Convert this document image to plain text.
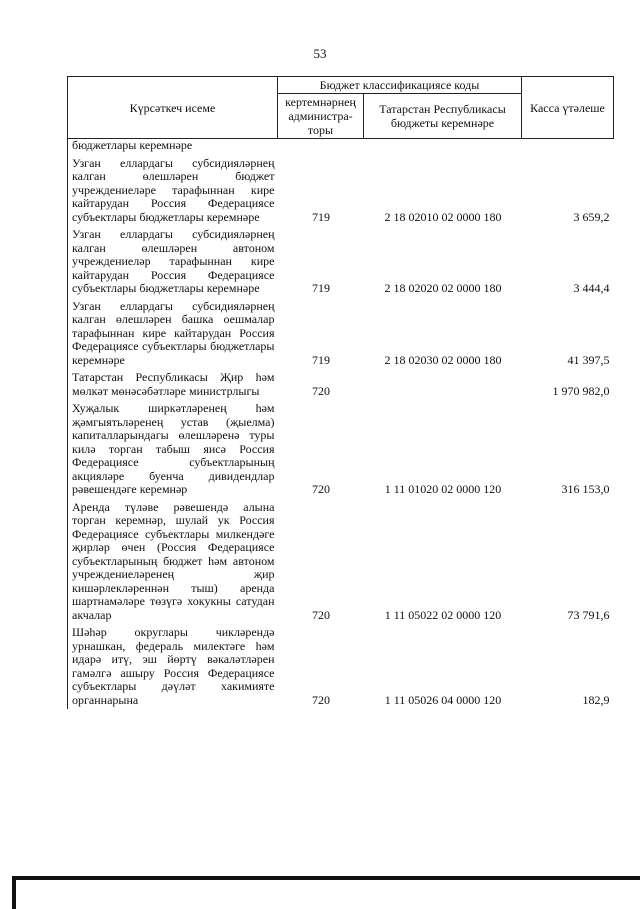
53
Күрсәткеч исеме	Бюджет классификациясе коды		Касса үтәлеше
	кертемнәрнең администра-торы	Татарстан Республикасы бюджеты керемнәре	
бюджетлары керемнәре			
Узган еллардагы субсидияләрнең калган өлешләрен бюджет учреждениеләре тарафыннан кире кайтарудан Россия Федерациясе субъектлары бюджетлары керемнәре	719	2 18 02010 02 0000 180	3 659,2
Узган еллардагы субсидияләрнең калган өлешләрен автоном учреждениеләр тарафыннан кире кайтарудан Россия Федерациясе субъектлары бюджетлары керемнәре	719	2 18 02020 02 0000 180	3 444,4
Узган еллардагы субсидияләрнең калган өлешләрен башка оешмалар тарафыннан кире кайтарудан Россия Федерациясе субъектлары бюджетлары керемнәре	719	2 18 02030 02 0000 180	41 397,5
Татарстан Республикасы Җир һәм мөлкәт мөнәсәбәтләре министрлыгы	720		1 970 982,0
Хуҗалык ширкәтләренең һәм җәмгыятьләренең устав (җыелма) капиталларындагы өлешләренә туры килә торган табыш яисә Россия Федерациясе субъектларының акцияләре буенча дивидендлар рәвешендәге керемнәр	720	1 11 01020 02 0000 120	316 153,0
Аренда түләве рәвешендә алына торган керемнәр, шулай ук Россия Федерациясе субъектлары милкендәге җирләр өчен (Россия Федерациясе субъектларының бюджет һәм автоном учреждениеләренең җир кишәрлекләреннән тыш) аренда шартнамәләре төзүгә хокукны сатудан акчалар	720	1 11 05022 02 0000 120	73 791,6
Шәһәр округлары чикләрендә урнашкан, федераль милектәге һәм идарә итү, эш йөртү вәкаләтләрен гамәлгә ашыру Россия Федерациясе субъектлары дәүләт хакимияте органнарына	720	1 11 05026 04 0000 120	182,9
